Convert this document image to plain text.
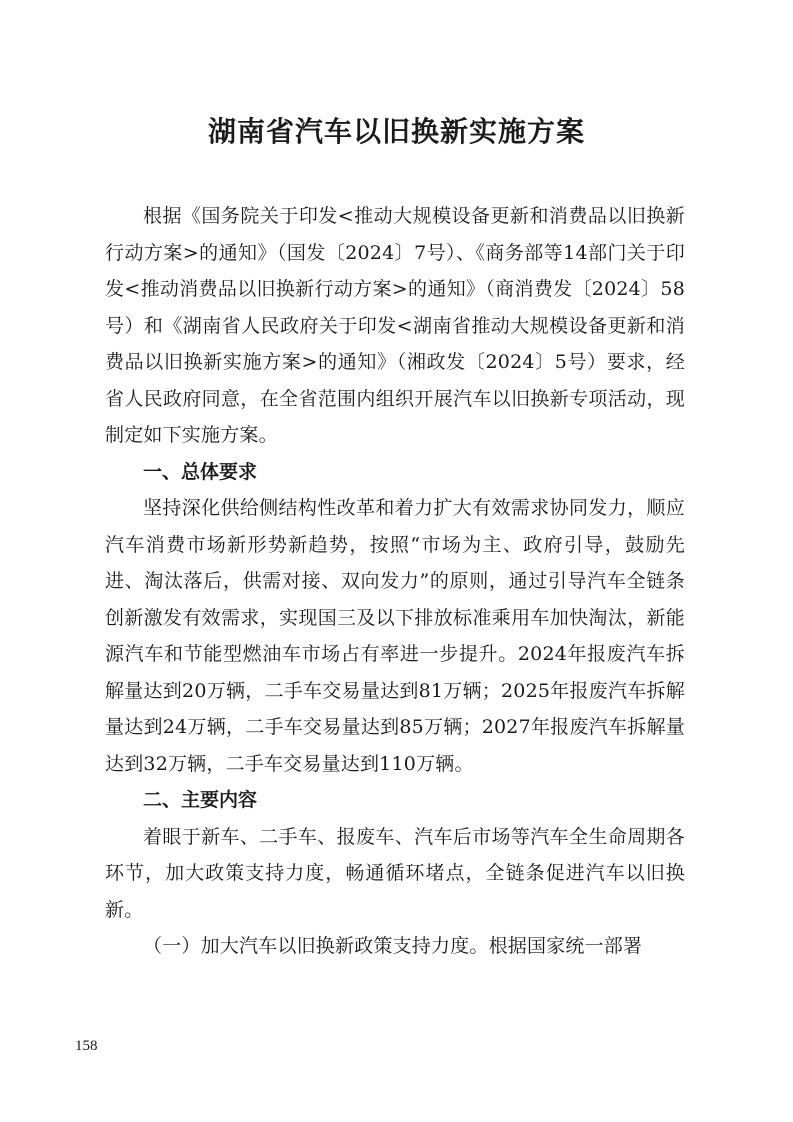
湖南省汽车以旧换新实施方案

根据《国务院关于印发<推动大规模设备更新和消费品以旧换新行动方案>的通知》（国发〔2024〕7号）、《商务部等14部门关于印发<推动消费品以旧换新行动方案>的通知》（商消费发〔2024〕58号）和《湖南省人民政府关于印发<湖南省推动大规模设备更新和消费品以旧换新实施方案>的通知》（湘政发〔2024〕5号）要求，经省人民政府同意，在全省范围内组织开展汽车以旧换新专项活动，现制定如下实施方案。

一、总体要求

坚持深化供给侧结构性改革和着力扩大有效需求协同发力，顺应汽车消费市场新形势新趋势，按照“市场为主、政府引导，鼓励先进、淘汰落后，供需对接、双向发力”的原则，通过引导汽车全链条创新激发有效需求，实现国三及以下排放标准乘用车加快淘汰，新能源汽车和节能型燃油车市场占有率进一步提升。2024年报废汽车拆解量达到20万辆，二手车交易量达到81万辆；2025年报废汽车拆解量达到24万辆，二手车交易量达到85万辆；2027年报废汽车拆解量达到32万辆，二手车交易量达到110万辆。

二、主要内容

着眼于新车、二手车、报废车、汽车后市场等汽车全生命周期各环节，加大政策支持力度，畅通循环堵点，全链条促进汽车以旧换新。

（一）加大汽车以旧换新政策支持力度。根据国家统一部署

158
